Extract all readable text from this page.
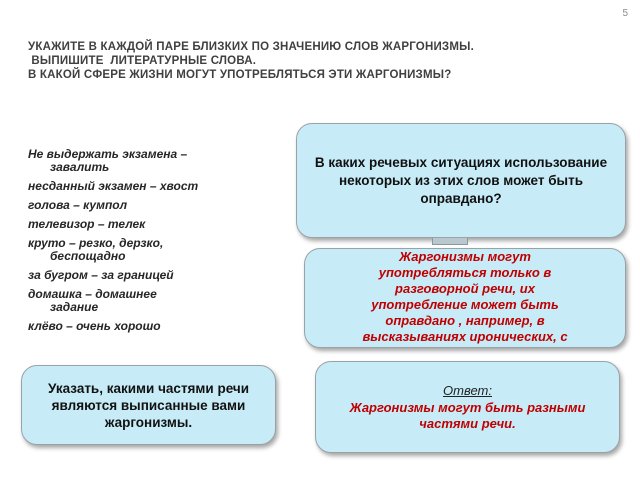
5
УКАЖИТЕ В КАЖДОЙ ПАРЕ БЛИЗКИХ ПО ЗНАЧЕНИЮ СЛОВ ЖАРГОНИЗМЫ.
ВЫПИШИТЕ  ЛИТЕРАТУРНЫЕ СЛОВА.
В КАКОЙ СФЕРЕ ЖИЗНИ МОГУТ УПОТРЕБЛЯТЬСЯ ЭТИ ЖАРГОНИЗМЫ?
Не выдержать экзамена –
завалить
несданный экзамен – хвост
голова – кумпол
телевизор – телек
круто – резко, дерзко,
беспощадно
за бугром – за границей
домашка – домашнее
задание
клёво – очень хорошо
В каких речевых ситуациях использование некоторых из этих слов может быть оправдано?
Жаргонизмы могут
употребляться только в
разговорной речи, их
употребление может быть
оправдано , например, в
высказываниях иронических, с
Указать, какими частями речи являются выписанные вами жаргонизмы.
Ответ:
Жаргонизмы могут быть разными частями речи.
